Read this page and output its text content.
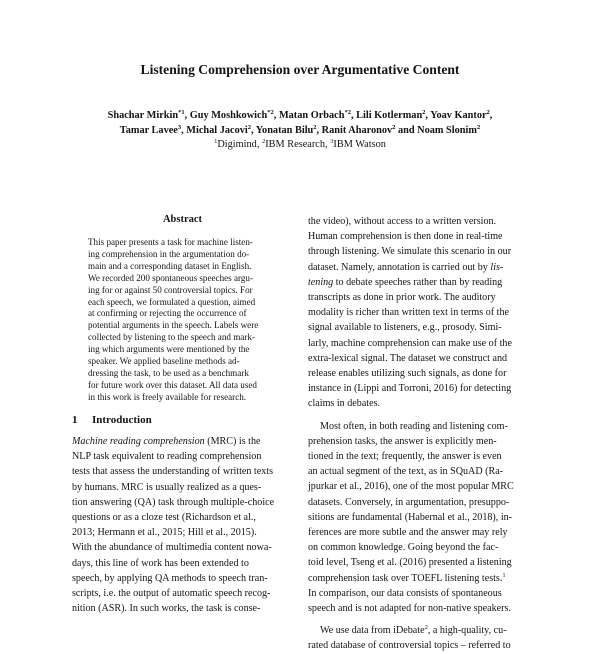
Listening Comprehension over Argumentative Content
Shachar Mirkin$^{*1}$, Guy Moshkowich$^{*2}$, Matan Orbach$^{*2}$, Lili Kotlerman$^2$, Yoav Kantor$^2$,
Tamar Lavee$^3$, Michal Jacovi$^2$, Yonatan Bilu$^2$, Ranit Aharonov$^2$ and Noam Slonim$^2$
$^1$Digimind, $^2$IBM Research, $^3$IBM Watson
Abstract
This paper presents a task for machine listen-
ing comprehension in the argumentation do-
main and a corresponding dataset in English.
We recorded 200 spontaneous speeches argu-
ing for or against 50 controversial topics. For
each speech, we formulated a question, aimed
at confirming or rejecting the occurrence of
potential arguments in the speech. Labels were
collected by listening to the speech and mark-
ing which arguments were mentioned by the
speaker. We applied baseline methods ad-
dressing the task, to be used as a benchmark
for future work over this dataset. All data used
in this work is freely available for research.
1 Introduction
Machine reading comprehension (MRC) is the
NLP task equivalent to reading comprehension
tests that assess the understanding of written texts
by humans. MRC is usually realized as a ques-
tion answering (QA) task through multiple-choice
questions or as a cloze test (Richardson et al.,
2013; Hermann et al., 2015; Hill et al., 2015).
With the abundance of multimedia content nowa-
days, this line of work has been extended to
speech, by applying QA methods to speech tran-
scripts, i.e. the output of automatic speech recog-
nition (ASR). In such works, the task is conse-
the video), without access to a written version.
Human comprehension is then done in real-time
through listening. We simulate this scenario in our
dataset. Namely, annotation is carried out by lis-
tening to debate speeches rather than by reading
transcripts as done in prior work. The auditory
modality is richer than written text in terms of the
signal available to listeners, e.g., prosody. Simi-
larly, machine comprehension can make use of the
extra-lexical signal. The dataset we construct and
release enables utilizing such signals, as done for
instance in (Lippi and Torroni, 2016) for detecting
claims in debates.
Most often, in both reading and listening com-
prehension tasks, the answer is explicitly men-
tioned in the text; frequently, the answer is even
an actual segment of the text, as in SQuAD (Ra-
jpurkar et al., 2016), one of the most popular MRC
datasets. Conversely, in argumentation, presuppo-
sitions are fundamental (Habernal et al., 2018), in-
ferences are more subtle and the answer may rely
on common knowledge. Going beyond the fac-
toid level, Tseng et al. (2016) presented a listening
comprehension task over TOEFL listening tests.$^1$
In comparison, our data consists of spontaneous
speech and is not adapted for non-native speakers.
We use data from iDebate$^2$, a high-quality, cu-
rated database of controversial topics – referred to
